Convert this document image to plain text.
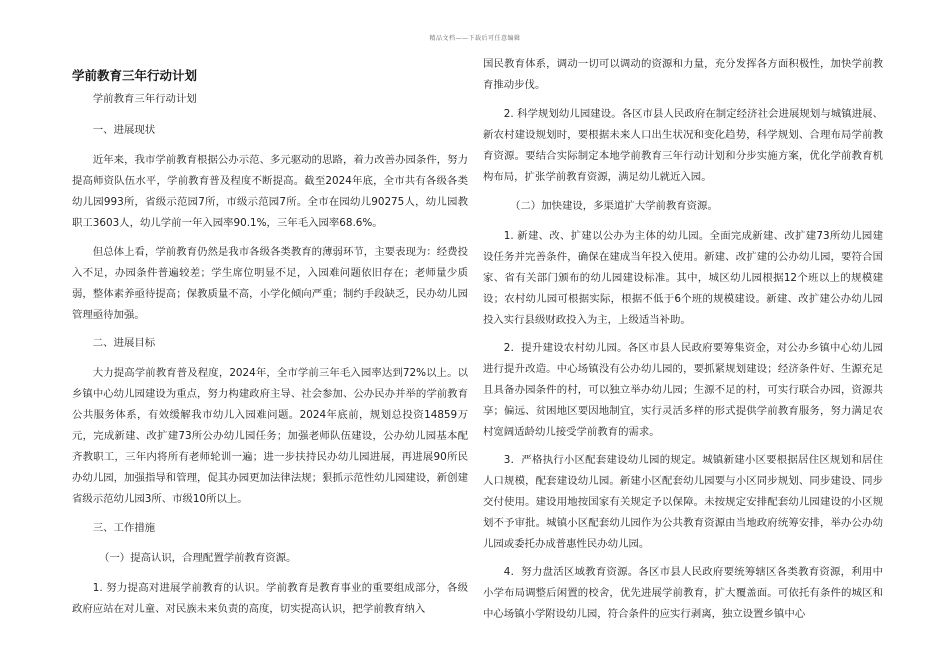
精品文档——下载后可任意编辑
学前教育三年行动计划

学前教育三年行动计划

一、进展现状

近年来，我市学前教育根据公办示范、多元驱动的思路，着力改善办园条件，努力提高师资队伍水平，学前教育普及程度不断提高。截至2024年底，全市共有各级各类幼儿园993所，省级示范园7所，市级示范园7所。全市在园幼儿90275人，幼儿园教职工3603人，幼儿学前一年入园率90.1%，三年毛入园率68.6%。

但总体上看，学前教育仍然是我市各级各类教育的薄弱环节，主要表现为：经费投入不足，办园条件普遍较差；学生席位明显不足，入园难问题依旧存在；老师量少质弱，整体素养亟待提高；保教质量不高，小学化倾向严重；制约手段缺乏，民办幼儿园管理亟待加强。

二、进展目标

大力提高学前教育普及程度，2024年，全市学前三年毛入园率达到72%以上。以乡镇中心幼儿园建设为重点，努力构建政府主导、社会参加、公办民办并举的学前教育公共服务体系，有效缓解我市幼儿入园难问题。2024年底前，规划总投资14859万元，完成新建、改扩建73所公办幼儿园任务；加强老师队伍建设，公办幼儿园基本配齐教职工，三年内将所有老师轮训一遍；进一步扶持民办幼儿园进展，再进展90所民办幼儿园，加强指导和管理，促其办园更加法律法规；狠抓示范性幼儿园建设，新创建省级示范幼儿园3所、市级10所以上。

三、工作措施

（一）提高认识，合理配置学前教育资源。

1. 努力提高对进展学前教育的认识。学前教育是教育事业的重要组成部分，各级政府应站在对儿童、对民族未来负责的高度，切实提高认识，把学前教育纳入

国民教育体系，调动一切可以调动的资源和力量，充分发挥各方面积极性，加快学前教育推动步伐。

2. 科学规划幼儿园建设。各区市县人民政府在制定经济社会进展规划与城镇进展、新农村建设规划时，要根据未来人口出生状况和变化趋势，科学规划、合理布局学前教育资源。要结合实际制定本地学前教育三年行动计划和分步实施方案，优化学前教育机构布局，扩张学前教育资源，满足幼儿就近入园。

（二）加快建设，多渠道扩大学前教育资源。

1. 新建、改、扩建以公办为主体的幼儿园。全面完成新建、改扩建73所幼儿园建设任务并完善条件，确保在建成当年投入使用。新建、改扩建的公办幼儿园，要符合国家、省有关部门颁布的幼儿园建设标准。其中，城区幼儿园根据12个班以上的规模建设；农村幼儿园可根据实际，根据不低于6个班的规模建设。新建、改扩建公办幼儿园投入实行县级财政投入为主，上级适当补助。

2．提升建设农村幼儿园。各区市县人民政府要筹集资金，对公办乡镇中心幼儿园进行提升改造。中心场镇没有公办幼儿园的，要抓紧规划建设；经济条件好、生源充足且具备办园条件的村，可以独立举办幼儿园；生源不足的村，可实行联合办园，资源共享；偏远、贫困地区要因地制宜，实行灵活多样的形式提供学前教育服务，努力满足农村宽阔适龄幼儿接受学前教育的需求。

3．严格执行小区配套建设幼儿园的规定。城镇新建小区要根据居住区规划和居住人口规模，配套建设幼儿园。新建小区配套幼儿园要与小区同步规划、同步建设、同步交付使用。建设用地按国家有关规定予以保障。未按规定安排配套幼儿园建设的小区规划不予审批。城镇小区配套幼儿园作为公共教育资源由当地政府统筹安排，举办公办幼儿园或委托办成普惠性民办幼儿园。

4．努力盘活区域教育资源。各区市县人民政府要统筹辖区各类教育资源，利用中小学布局调整后闲置的校舍，优先进展学前教育，扩大覆盖面。可依托有条件的城区和中心场镇小学附设幼儿园，符合条件的应实行剥离，独立设置乡镇中心
